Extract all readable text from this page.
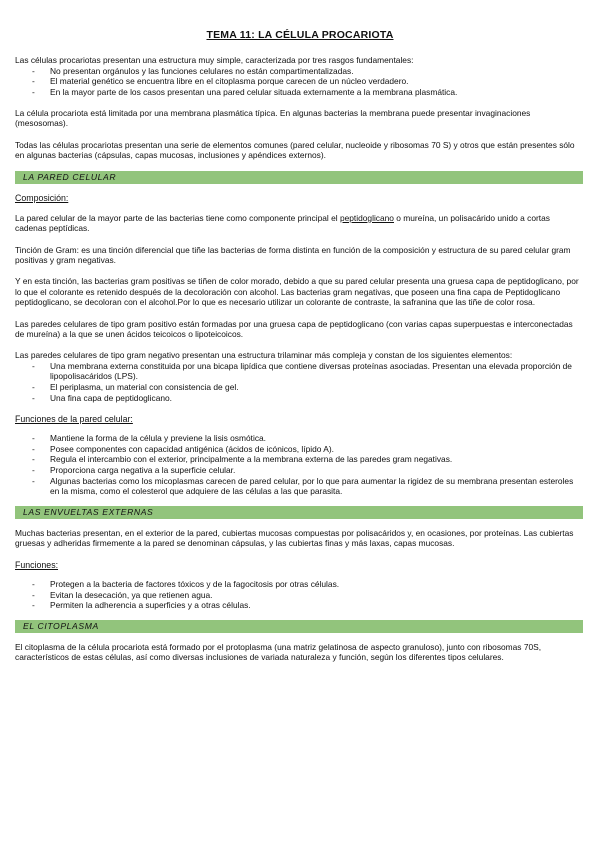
TEMA 11: LA CÉLULA PROCARIOTA

Las células procariotas presentan una estructura muy simple, caracterizada por tres rasgos fundamentales:

- No presentan orgánulos y las funciones celulares no están compartimentalizadas.
- El material genético se encuentra libre en el citoplasma porque carecen de un núcleo verdadero.
- En la mayor parte de los casos presentan una pared celular situada externamente a la membrana plasmática.

La célula procariota está limitada por una membrana plasmática típica. En algunas bacterias la membrana puede presentar invaginaciones (mesosomas).

Todas las células procariotas presentan una serie de elementos comunes (pared celular, nucleoide y ribosomas 70 S) y otros que están presentes sólo en algunas bacterias (cápsulas, capas mucosas, inclusiones y apéndices externos).

LA PARED CELULAR
Composición:

La pared celular de la mayor parte de las bacterias tiene como componente principal el peptidoglicano o mureína, un polisacárido unido a cortas cadenas peptídicas.

Tinción de Gram: es una tinción diferencial que tiñe las bacterias de forma distinta en función de la composición y estructura de su pared celular gram positivas y gram negativas.

Y en esta tinción, las bacterias gram positivas se tiñen de color morado, debido a que su pared celular presenta una gruesa capa de peptidoglicano, por lo que el colorante es retenido después de la decoloración con alcohol. Las bacterias gram negativas, que poseen una fina capa de Peptidoglicano peptidoglicano, se decoloran con el alcohol.Por lo que es necesario utilizar un colorante de contraste, la safranina que las tiñe de color rosa.

Las paredes celulares de tipo gram positivo están formadas por una gruesa capa de peptidoglicano (con varias capas superpuestas e interconectadas de mureína) a la que se unen ácidos teicoicos o lipoteicoicos.

Las paredes celulares de tipo gram negativo presentan una estructura trilaminar más compleja y constan de los siguientes elementos:

- Una membrana externa constituida por una bicapa lipídica que contiene diversas proteínas asociadas. Presentan una elevada proporción de lipopolisacáridos (LPS).
- El periplasma, un material con consistencia de gel.
- Una fina capa de peptidoglicano.
Funciones de la pared celular:
- Mantiene la forma de la célula y previene la lisis osmótica.
- Posee componentes con capacidad antigénica (ácidos de icónicos, lípido A).
- Regula el intercambio con el exterior, principalmente a la membrana externa de las paredes gram negativas.
- Proporciona carga negativa a la superficie celular.
- Algunas bacterias como los micoplasmas carecen de pared celular, por lo que para aumentar la rigidez de su membrana presentan esteroles en la misma, como el colesterol que adquiere de las células a las que parasita.
LAS ENVUELTAS EXTERNAS

Muchas bacterias presentan, en el exterior de la pared, cubiertas mucosas compuestas por polisacáridos y, en ocasiones, por proteínas. Las cubiertas gruesas y adheridas firmemente a la pared se denominan cápsulas, y las cubiertas finas y más laxas, capas mucosas.

Funciones:
- Protegen a la bacteria de factores tóxicos y de la fagocitosis por otras células.
- Evitan la desecación, ya que retienen agua.
- Permiten la adherencia a superficies y a otras células.
EL CITOPLASMA

El citoplasma de la célula procariota está formado por el protoplasma (una matriz gelatinosa de aspecto granuloso), junto con ribosomas 70S, característicos de estas células, así como diversas inclusiones de variada naturaleza y función, según los diferentes tipos celulares.
